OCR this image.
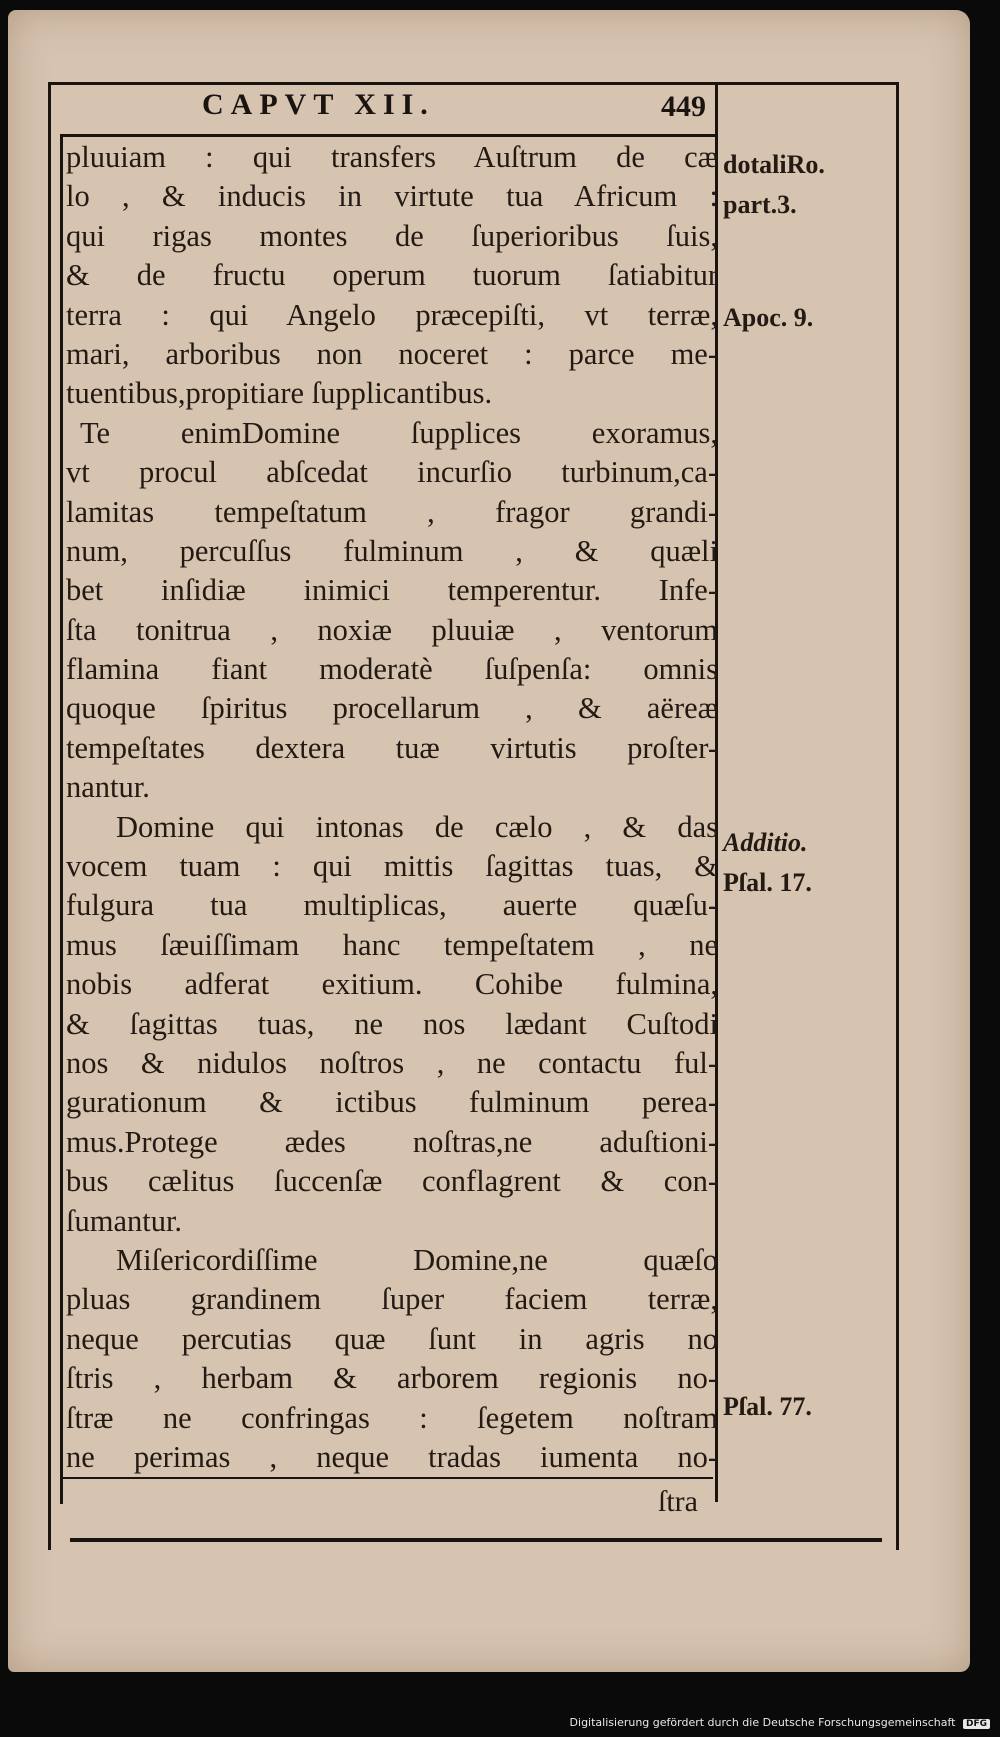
CAPVT XII.	449
pluuiam : qui transfers Auſtrum de cæ
lo , & inducis in virtute tua Africum :
qui rigas montes de ſuperioribus ſuis,
& de fructu operum tuorum ſatiabitur
terra : qui Angelo præcepiſti, vt terræ,
mari, arboribus non noceret : parce me-
tuentibus,propitiare ſupplicantibus.
Te enimDomine ſupplices exoramus,
vt procul abſcedat incurſio turbinum,ca-
lamitas tempeſtatum , fragor grandi-
num, percuſſus fulminum , & quæli
bet inſidiæ inimici temperentur. Infe-
ſta tonitrua , noxiæ pluuiæ , ventorum
flamina fiant moderatè ſuſpenſa: omnis
quoque ſpiritus procellarum , & aëreæ
tempeſtates dextera tuæ virtutis proſter-
nantur.
Domine qui intonas de cælo , & das
vocem tuam : qui mittis ſagittas tuas, &
fulgura tua multiplicas, auerte quæſu-
mus ſæuiſſimam hanc tempeſtatem , ne
nobis adferat exitium. Cohibe fulmina,
& ſagittas tuas, ne nos lædant Cuſtodi
nos & nidulos noſtros , ne contactu ful-
gurationum & ictibus fulminum perea-
mus.Protege ædes noſtras,ne aduſtioni-
bus cælitus ſuccenſæ conflagrent & con-
ſumantur.
Miſericordiſſime Domine,ne quæſo
pluas grandinem ſuper faciem terræ,
neque percutias quæ ſunt in agris no
ſtris , herbam & arborem regionis no-
ſtræ ne confringas : ſegetem noſtram
ne perimas , neque tradas iumenta no-
dotaliRo.
part.3.
Apoc. 9.
Additio.
Pſal. 17.
Pſal. 77.
ſtra
Digitalisierung gefördert durch die Deutsche Forschungsgemeinschaft DFG
